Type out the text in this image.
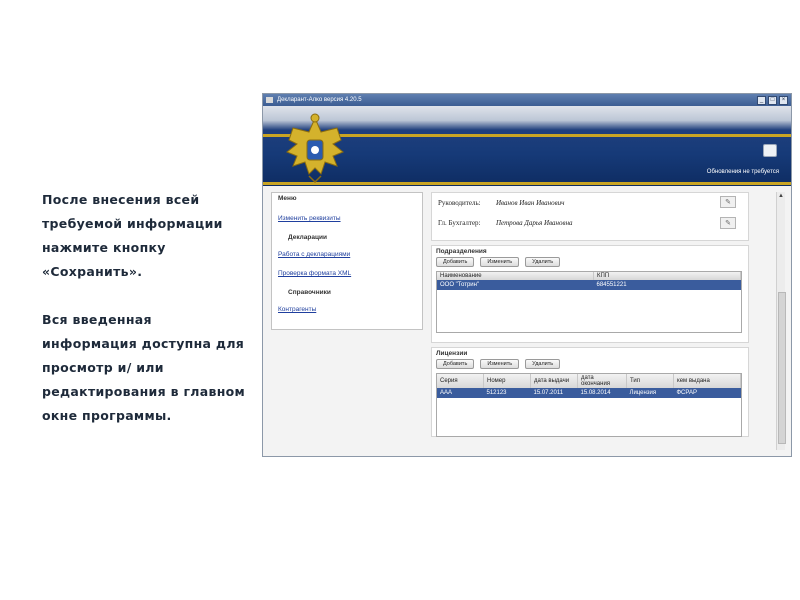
После внесения всей

требуемой информации

нажмите кнопку

«Сохранить».

Вся введенная

информация доступна для

просмотр и/ или

редактирования в главном

окне программы.

Декларант-Алко версия 4.20.5	_	□	×
Обновления не требуется
Меню
Изменить реквизиты
Декларации
Работа с декларациями
Проверка формата XML
Справочники
Контрагенты
Руководитель:	Иванов Иван Иванович	✎
Гл. Бухгалтер:	Петрова Дарья Ивановна	✎
Подразделения
Добавить	Изменить	Удалить
Наименование	КПП
ООО "Тотрин"	684551221
Лицензии
Добавить	Изменить	Удалить
Серия	Номер	дата выдачи	дата окончания	Тип	кем выдана
ААА	512123	15.07.2011	15.08.2014	Лицензия	ФСРАР
▲
